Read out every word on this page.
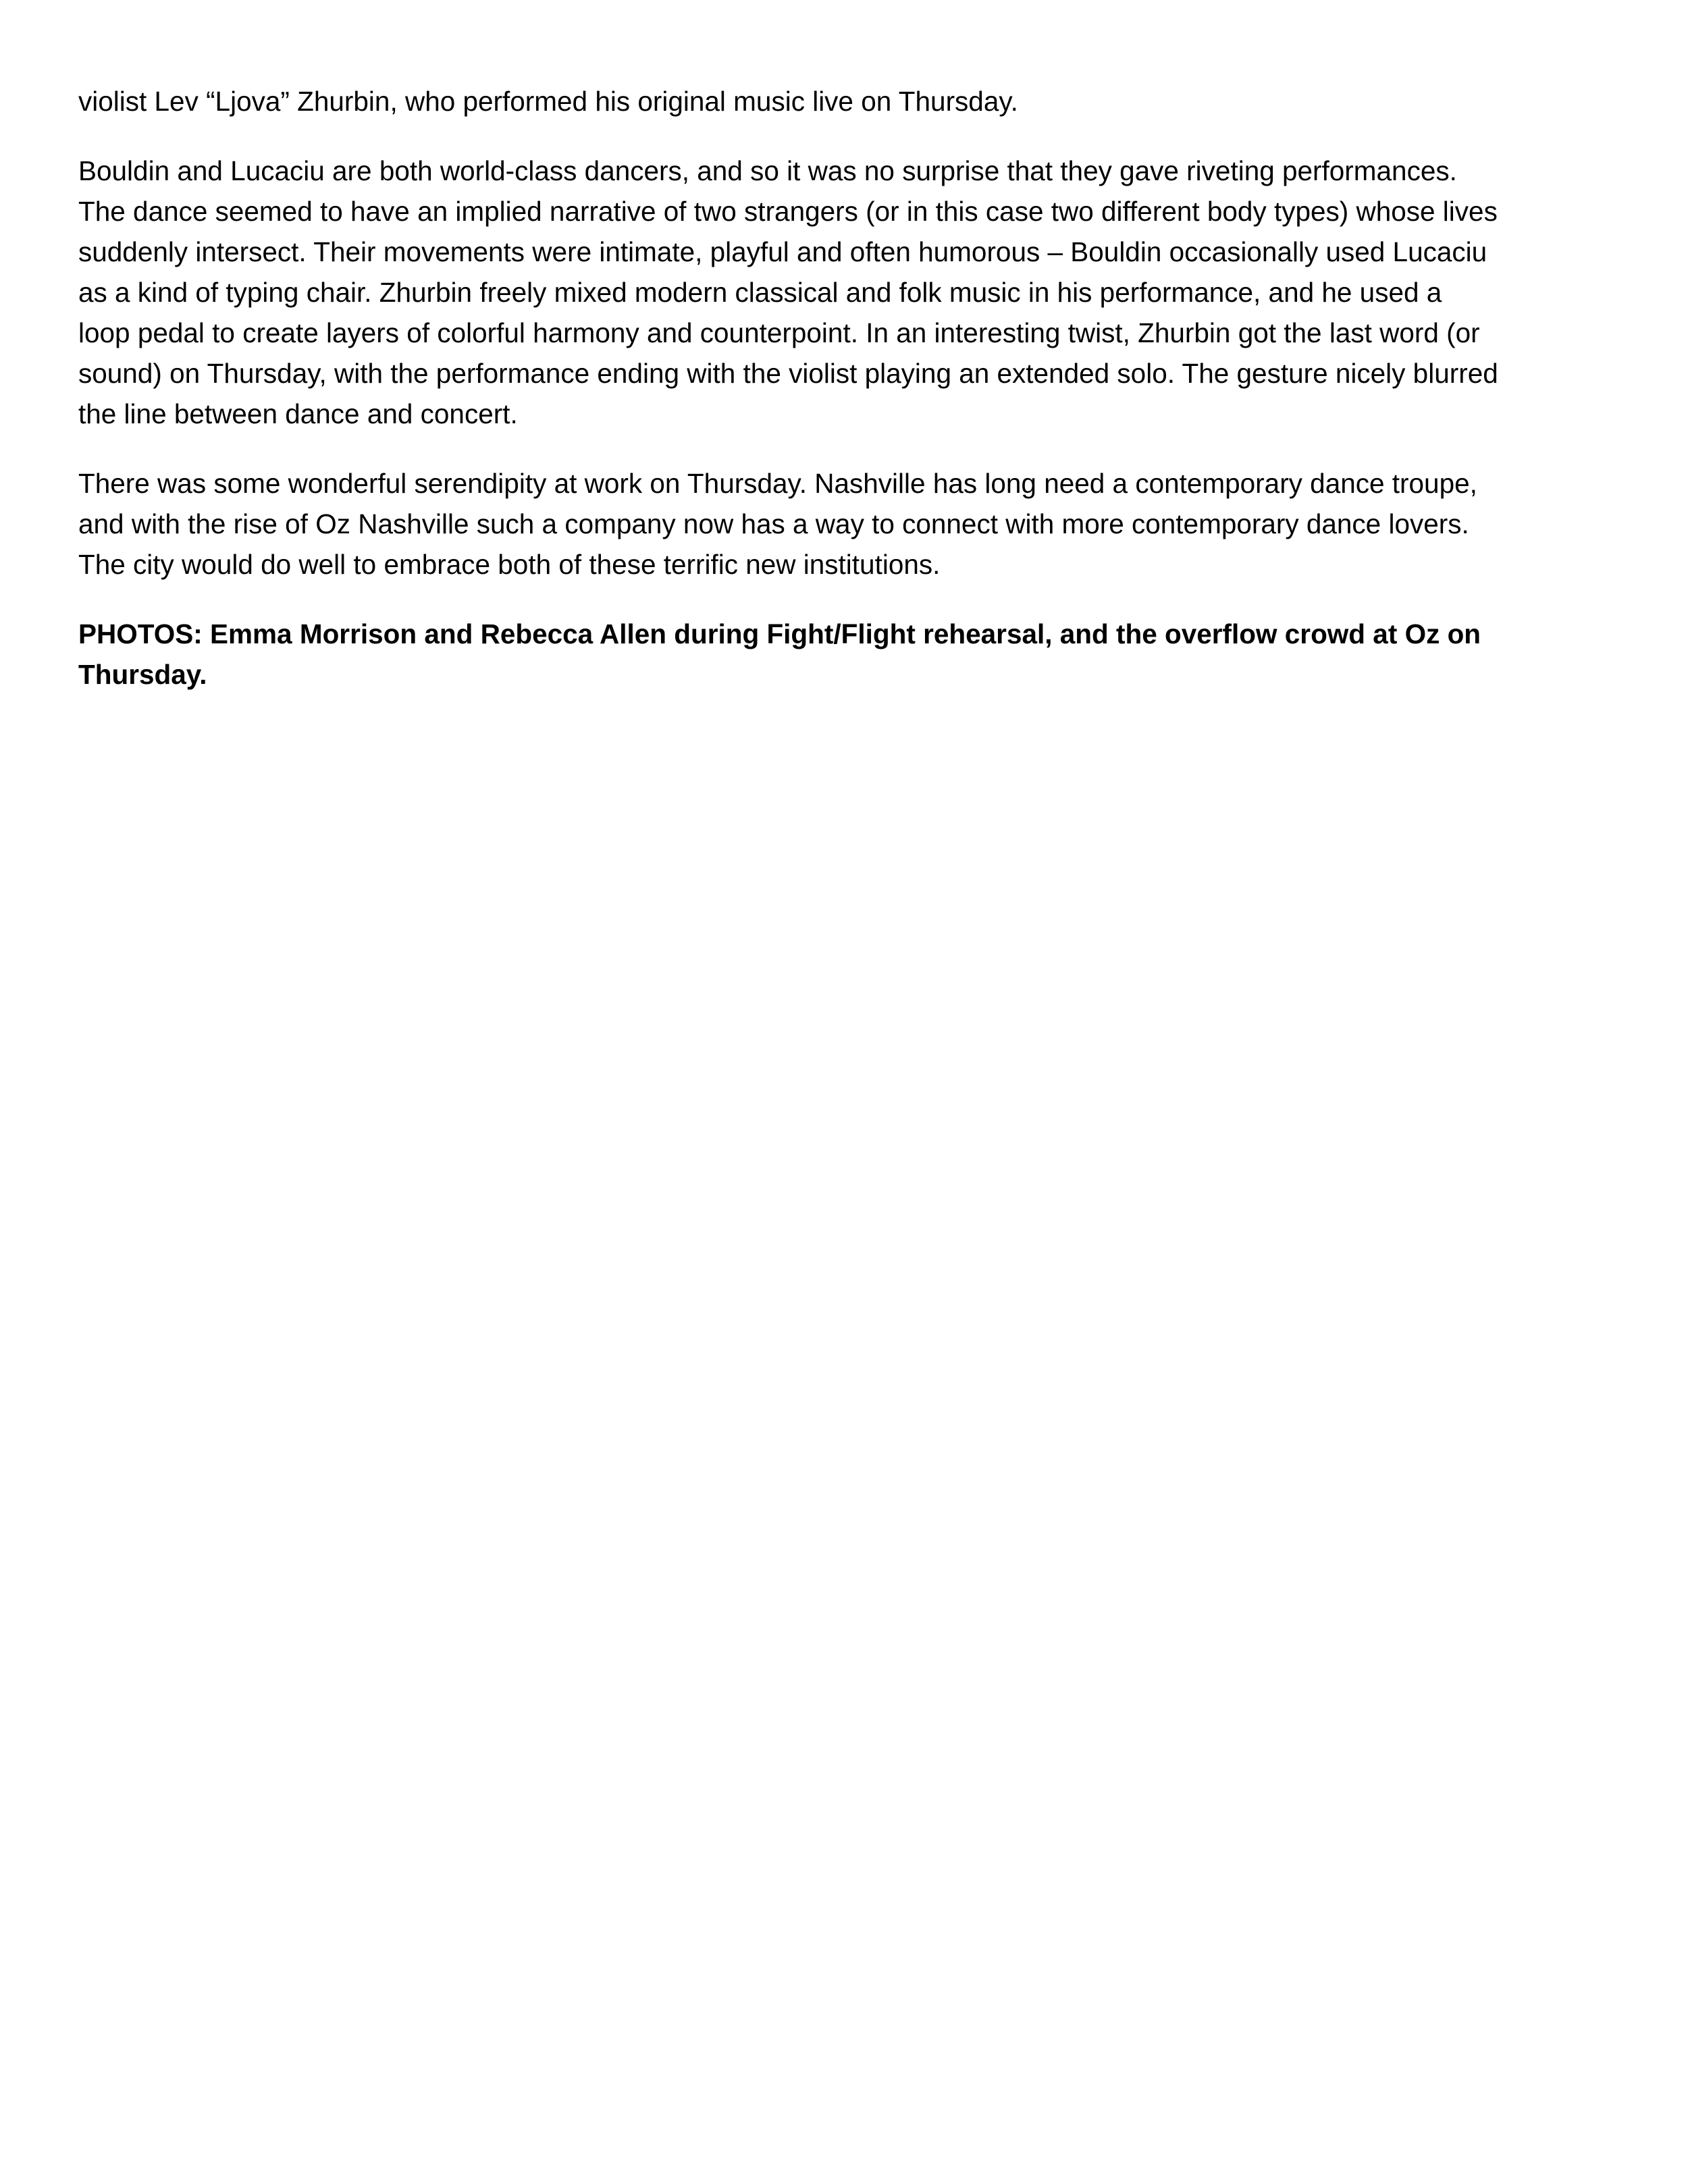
violist Lev “Ljova” Zhurbin, who performed his original music live on Thursday.

Bouldin and Lucaciu are both world-class dancers, and so it was no surprise that they gave riveting performances.
The dance seemed to have an implied narrative of two strangers (or in this case two different body types) whose lives
suddenly intersect. Their movements were intimate, playful and often humorous – Bouldin occasionally used Lucaciu
as a kind of typing chair. Zhurbin freely mixed modern classical and folk music in his performance, and he used a
loop pedal to create layers of colorful harmony and counterpoint. In an interesting twist, Zhurbin got the last word (or
sound) on Thursday, with the performance ending with the violist playing an extended solo. The gesture nicely blurred
the line between dance and concert.

There was some wonderful serendipity at work on Thursday. Nashville has long need a contemporary dance troupe,
and with the rise of Oz Nashville such a company now has a way to connect with more contemporary dance lovers.
The city would do well to embrace both of these terrific new institutions.

PHOTOS: Emma Morrison and Rebecca Allen during Fight/Flight rehearsal, and the overflow crowd at Oz on
Thursday.
